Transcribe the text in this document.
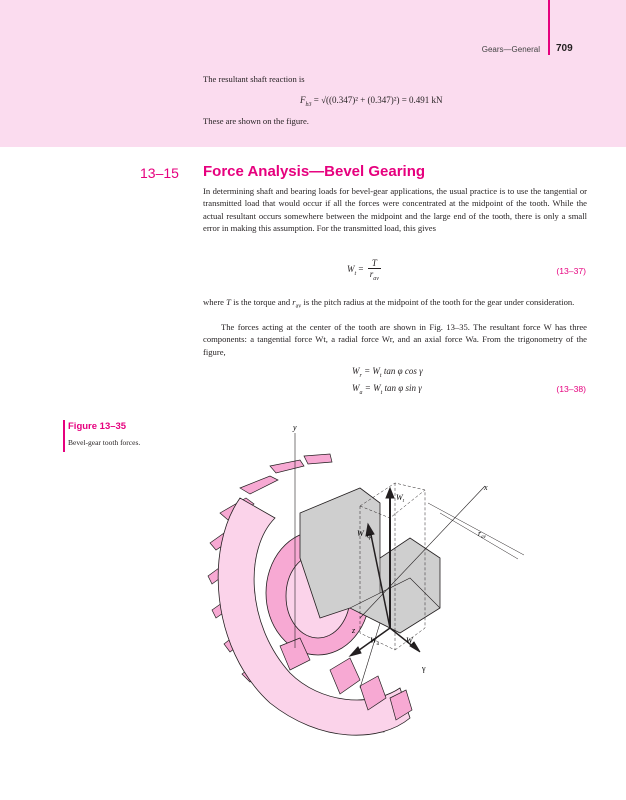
Gears—General 709
The resultant shaft reaction is
$F_{b3} = √((0.347)^2 + (0.347)^2) = 0.491$ kN
These are shown on the figure.
13–15 Force Analysis—Bevel Gearing

In determining shaft and bearing loads for bevel-gear applications, the usual practice is to use the tangential or transmitted load that would occur if all the forces were concentrated at the midpoint of the tooth. While the actual resultant occurs somewhere between the midpoint and the large end of the tooth, there is only a small error in making this assumption. For the transmitted load, this gives

$W_t$ =
T
$r_{av}$
(13–37)

where T is the torque and $r_{av}$ is the pitch radius at the midpoint of the tooth for the gear under consideration.

The forces acting at the center of the tooth are shown in Fig. 13–35. The resultant force W has three components: a tangential force Wt, a radial force Wr, and an axial force Wa. From the trigonometry of the figure,

$W_r = W_t$ tan φ cos γ
$W_a = W_t$ tan φ sin γ	(13–38)
Figure 13–35
Bevel-gear tooth forces.
y
x
z
$r_{av}$
$W_t$
W φ
$W_a$	$W_r$
γ
